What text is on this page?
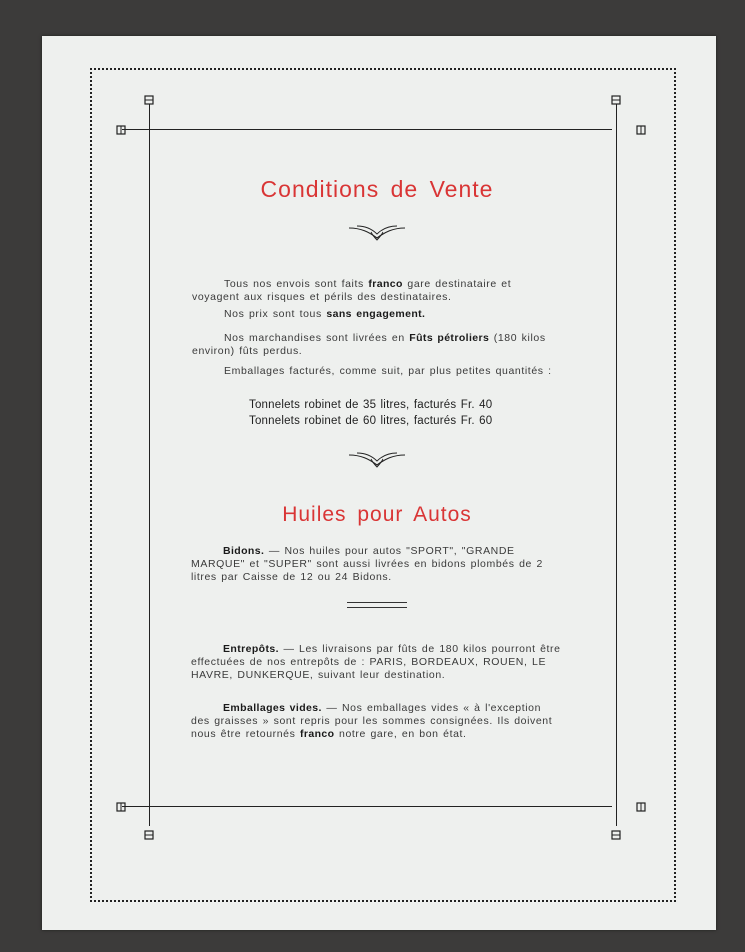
Conditions de Vente
Tous nos envois sont faits franco gare destinataire et voyagent aux risques et périls des destinataires.
Nos prix sont tous sans engagement.
Nos marchandises sont livrées en Fûts pétroliers (180 kilos environ) fûts perdus.
Emballages facturés, comme suit, par plus petites quantités :
Tonnelets robinet de 35 litres, facturés Fr. 40
Tonnelets robinet de 60 litres, facturés Fr. 60
Huiles pour Autos
Bidons. — Nos huiles pour autos "SPORT", "GRANDE MARQUE" et "SUPER" sont aussi livrées en bidons plombés de 2 litres par Caisse de 12 ou 24 Bidons.
Entrepôts. — Les livraisons par fûts de 180 kilos pourront être effectuées de nos entrepôts de : PARIS, BORDEAUX, ROUEN, LE HAVRE, DUNKERQUE, suivant leur destination.
Emballages vides. — Nos emballages vides « à l'exception des graisses » sont repris pour les sommes consignées. Ils doivent nous être retournés franco notre gare, en bon état.
